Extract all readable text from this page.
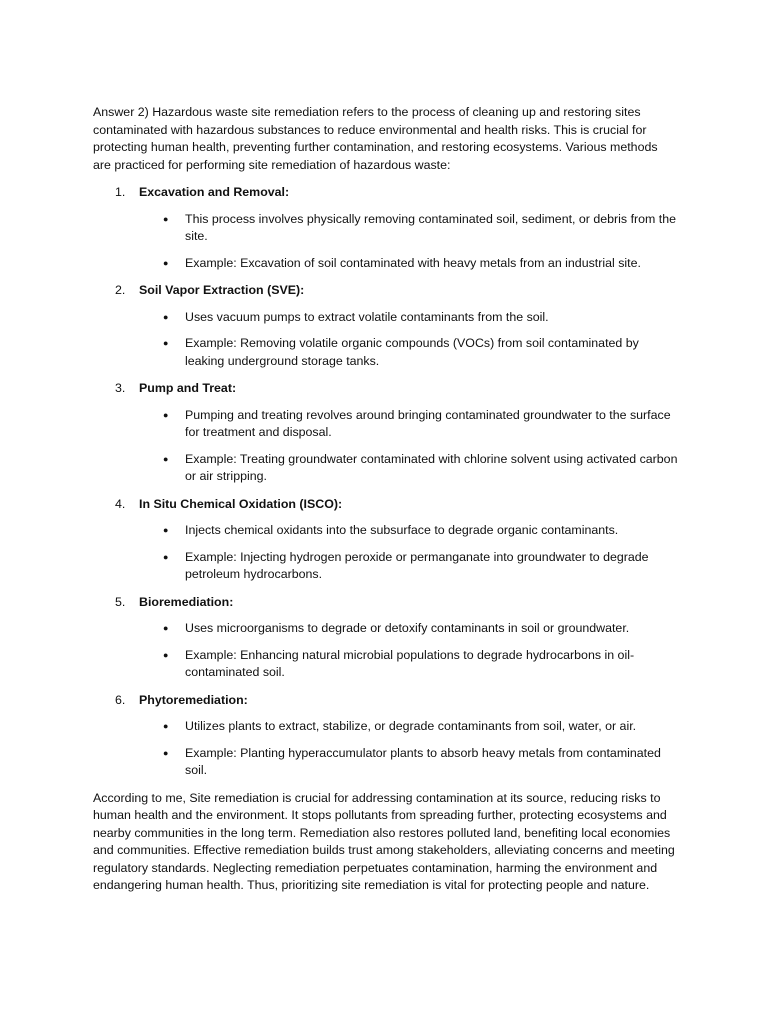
Answer 2) Hazardous waste site remediation refers to the process of cleaning up and restoring sites contaminated with hazardous substances to reduce environmental and health risks. This is crucial for protecting human health, preventing further contamination, and restoring ecosystems. Various methods are practiced for performing site remediation of hazardous waste:

1. Excavation and Removal:
● This process involves physically removing contaminated soil, sediment, or debris from the site.
● Example: Excavation of soil contaminated with heavy metals from an industrial site.
2. Soil Vapor Extraction (SVE):
● Uses vacuum pumps to extract volatile contaminants from the soil.
● Example: Removing volatile organic compounds (VOCs) from soil contaminated by leaking underground storage tanks.
3. Pump and Treat:
● Pumping and treating revolves around bringing contaminated groundwater to the surface for treatment and disposal.
● Example: Treating groundwater contaminated with chlorine solvent using activated carbon or air stripping.
4. In Situ Chemical Oxidation (ISCO):
● Injects chemical oxidants into the subsurface to degrade organic contaminants.
● Example: Injecting hydrogen peroxide or permanganate into groundwater to degrade petroleum hydrocarbons.
5. Bioremediation:
● Uses microorganisms to degrade or detoxify contaminants in soil or groundwater.
● Example: Enhancing natural microbial populations to degrade hydrocarbons in oil-contaminated soil.
6. Phytoremediation:
● Utilizes plants to extract, stabilize, or degrade contaminants from soil, water, or air.
● Example: Planting hyperaccumulator plants to absorb heavy metals from contaminated soil.

According to me, Site remediation is crucial for addressing contamination at its source, reducing risks to human health and the environment. It stops pollutants from spreading further, protecting ecosystems and nearby communities in the long term. Remediation also restores polluted land, benefiting local economies and communities. Effective remediation builds trust among stakeholders, alleviating concerns and meeting regulatory standards. Neglecting remediation perpetuates contamination, harming the environment and endangering human health. Thus, prioritizing site remediation is vital for protecting people and nature.
